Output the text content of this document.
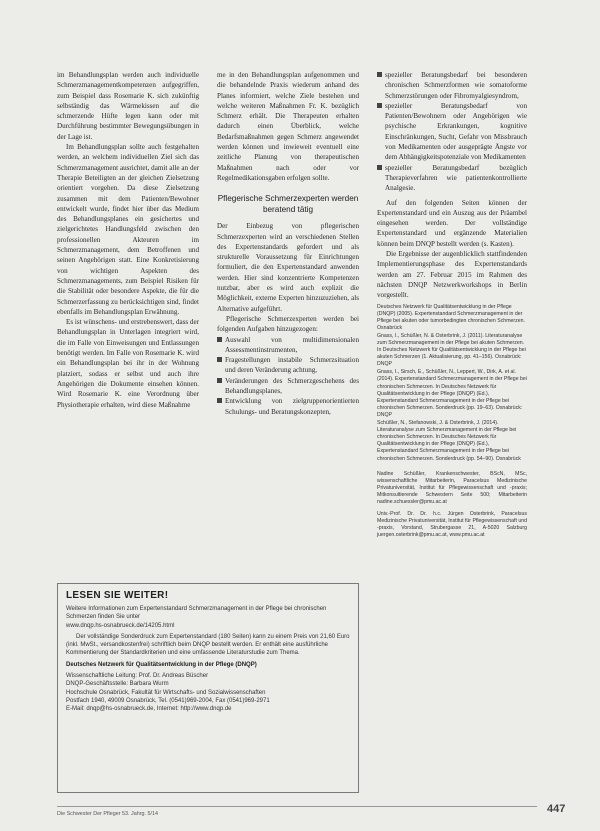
im Behandlungsplan werden auch individuelle Schmerzmanagementkompetenzen aufgegriffen, zum Beispiel dass Rosemarie K. sich zukünftig selbständig das Wärmekissen auf die schmerzende Hüfte legen kann oder mit Durchführung bestimmter Bewegungsübungen in der Lage ist.

Im Behandlungsplan sollte auch festgehalten werden, an welchem individuellen Ziel sich das Schmerzmanagement ausrichtet, damit alle an der Therapie Beteiligten an der gleichen Zielsetzung orientiert vorgehen. Da diese Zielsetzung zusammen mit dem Patienten/Bewohner entwickelt wurde, findet hier über das Medium des Behandlungsplanes ein gesichertes und zielgerichtetes Handlungsfeld zwischen den professionellen Akteuren im Schmerzmanagement, dem Betroffenen und seinen Angehörigen statt. Eine Konkretisierung von wichtigen Aspekten des Schmerzmanagements, zum Beispiel Risiken für die Stabilität oder besondere Aspekte, die für die Schmerzerfassung zu berücksichtigen sind, findet ebenfalls im Behandlungsplan Erwähnung.

Es ist wünschens- und erstrebenswert, dass der Behandlungsplan in Unterlagen integriert wird, die im Falle von Einweisungen und Entlassungen benötigt werden. Im Falle von Rosemarie K. wird ein Behandlungsplan bei ihr in der Wohnung platziert, sodass er selbst und auch ihre Angehörigen die Dokumente einsehen können. Wird Rosemarie K. eine Verordnung über Physiotherapie erhalten, wird diese Maßnahme

me in den Behandlungsplan aufgenommen und die behandelnde Praxis wiederum anhand des Planes informiert, welche Ziele bestehen und welche weiteren Maßnahmen Fr. K. bezüglich Schmerz erhält. Die Therapeuten erhalten dadurch einen Überblick, welche Bedarfsmaßnahmen gegen Schmerz angewendet werden können und inwieweit eventuell eine zeitliche Planung von therapeutischen Maßnahmen nach oder vor Regelmedikationsgaben erfolgen sollte.

Pflegerische Schmerzexperten werden beratend tätig

Der Einbezug von pflegerischen Schmerzexperten wird an verschiedenen Stellen des Expertenstandards gefordert und als strukturelle Voraussetzung für Einrichtungen formuliert, die den Expertenstandard anwenden werden. Hier sind konzentrierte Kompetenzen nutzbar, aber es wird auch explizit die Möglichkeit, externe Experten hinzuzuziehen, als Alternative aufgeführt.

Pflegerische Schmerzexperten werden bei folgenden Aufgaben hinzugezogen:

Auswahl von multidimensionalen Assessmentinstrumenten,

Fragestellungen instabile Schmerzsituation und deren Veränderung achtung,

Veränderungen des Schmerzgeschehens des Behandlungsplanes,

Entwicklung von zielgruppenorientierten Schulungs- und Beratungskonzepten,

spezieller Beratungsbedarf bei besonderen chronischen Schmerzformen wie somatoforme Schmerzstörungen oder Fibromyalgiesyndrom,

spezieller Beratungsbedarf von Patienten/Bewohnern oder Angehörigen wie psychische Erkrankungen, kognitive Einschränkungen, Sucht, Gefahr von Missbrauch von Medikamenten oder ausgeprägte Ängste vor dem Abhängigkeitspotenziale von Medikamenten

spezieller Beratungsbedarf bezüglich Therapieverfahren wie patientenkontrollierte Analgesie.

Auf den folgenden Seiten können der Expertenstandard und ein Auszug aus der Präambel eingesehen werden. Der vollständige Expertenstandard und ergänzende Materialien können beim DNQP bestellt werden (s. Kasten).

Die Ergebnisse der augenblicklich stattfindenden Implementierungsphase des Expertenstandards werden am 27. Februar 2015 im Rahmen des nächsten DNQP Netzwerkworkshops in Berlin vorgestellt.

Deutsches Netzwerk für Qualitätsentwicklung in der Pflege (DNQP) (2005). Expertenstandard Schmerzmanagement in der Pflege bei akuten oder tumorbedingten chronischen Schmerzen. Osnabrück
Gnass, I., Schüßler, N. & Osterbrink, J. (2011). Literaturanalyse zum Schmerzmanagement in der Pflege bei akuten Schmerzen. In Deutsches Netzwerk für Qualitätsentwicklung in der Pflege bei akuten Schmerzen (1. Aktualisierung, pp. 41–156). Osnabrück: DNQP
Gnass, I., Sirsch, E., Schüßler, N., Leppert, W., Dirk, A. et al. (2014). Expertenstandard Schmerzmanagement in der Pflege bei chronischen Schmerzen. In Deutsches Netzwerk für Qualitätsentwicklung in der Pflege (DNQP) (Ed.), Expertenstandard Schmerzmanagement in der Pflege bei chronischen Schmerzen. Sonderdruck (pp. 19–63). Osnabrück: DNQP
Schüßler, N., Stefanowski, J. & Osterbrink, J. (2014). Literaturanalyse zum Schmerzmanagement in der Pflege bei chronischen Schmerzen. In Deutsches Netzwerk für Qualitätsentwicklung in der Pflege (DNQP) (Ed.), Expertenstandard Schmerzmanagement in der Pflege bei chronischen Schmerzen. Sonderdruck (pp. 54–90). Osnabrück
Nadine Schüßler, Krankenschwester, BScN, MSc, wissenschaftliche Mitarbeiterin, Paracelsus Medizinische Privatuniversität, Institut für Pflegewissenschaft und -praxis; Mitkonsultierende Schwestern Seite 500; Mitarbeiterin nadine.schuessler@pmu.ac.at
Univ.-Prof. Dr. Dr. h.c. Jürgen Osterbrink, Paracelsus Medizinische Privatuniversität, Institut für Pflegewissenschaft und -praxis, Vorstand, Strubergasse 21, A-5020 Salzburg juergen.osterbrink@pmu.ac.at, www.pmu.ac.at
LESEN SIE WEITER!

Weitere Informationen zum Expertenstandard Schmerzmanagement in der Pflege bei chronischen Schmerzen finden Sie unter
www.dnqp.hs-osnabrueck.de/14205.html

Der vollständige Sonderdruck zum Expertenstandard (180 Seiten) kann zu einem Preis von 21,60 Euro (inkl. MwSt., versandkostenfrei) schriftlich beim DNQP bestellt werden. Er enthält eine ausführliche Kommentierung der Standardkriterien und eine umfassende Literaturstudie zum Thema.

Deutsches Netzwerk für Qualitätsentwicklung in der Pflege (DNQP)

Wissenschaftliche Leitung: Prof. Dr. Andreas Büscher
DNQP-Geschäftsstelle: Barbara Wurm
Hochschule Osnabrück, Fakultät für Wirtschafts- und Sozialwissenschaften
Postfach 1940, 49009 Osnabrück, Tel. (0541)969-2004, Fax (0541)969-2971
E-Mail: dnqp@hs-osnabrueck.de, Internet: http://www.dnqp.de

Die Schwester Der Pfleger 53. Jahrg. 5/14	447
